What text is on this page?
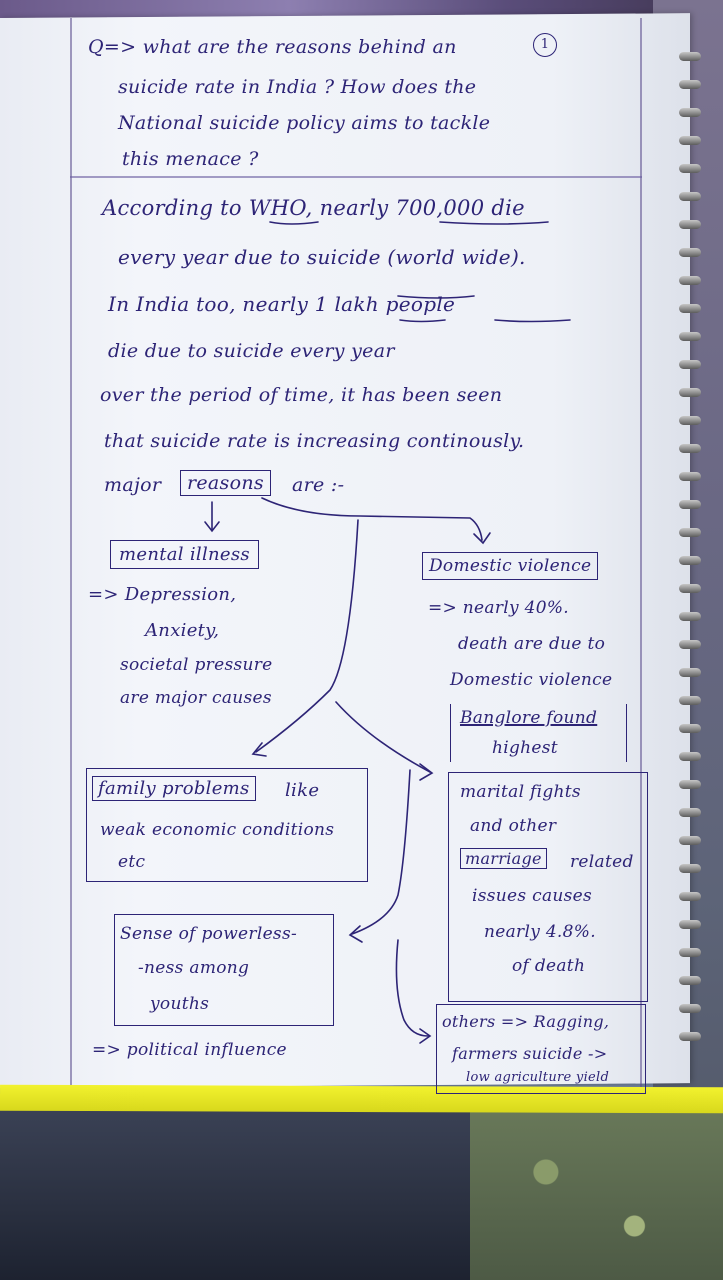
Q=> what are the reasons behind an	1
suicide rate in India ? How does the
National suicide policy aims to tackle
this menace ?
According to WHO, nearly 700,000 die
every year due to suicide (world wide).
In India too, nearly 1 lakh people
die due to suicide every year
over the period of time, it has been seen
that suicide rate is increasing continously.
major	reasons	are :-
mental illness
=> Depression,
Anxiety,
societal pressure
are major causes
Domestic violence
=> nearly 40%.
death are due to
Domestic violence
Banglore found
highest
family problems	like
weak economic conditions
etc
marital fights
and other
marriage related
issues causes
nearly 4.8%.
of death
Sense of powerless-
-ness among
youths
=> political influence
others => Ragging,
farmers suicide ->
low agriculture yield
